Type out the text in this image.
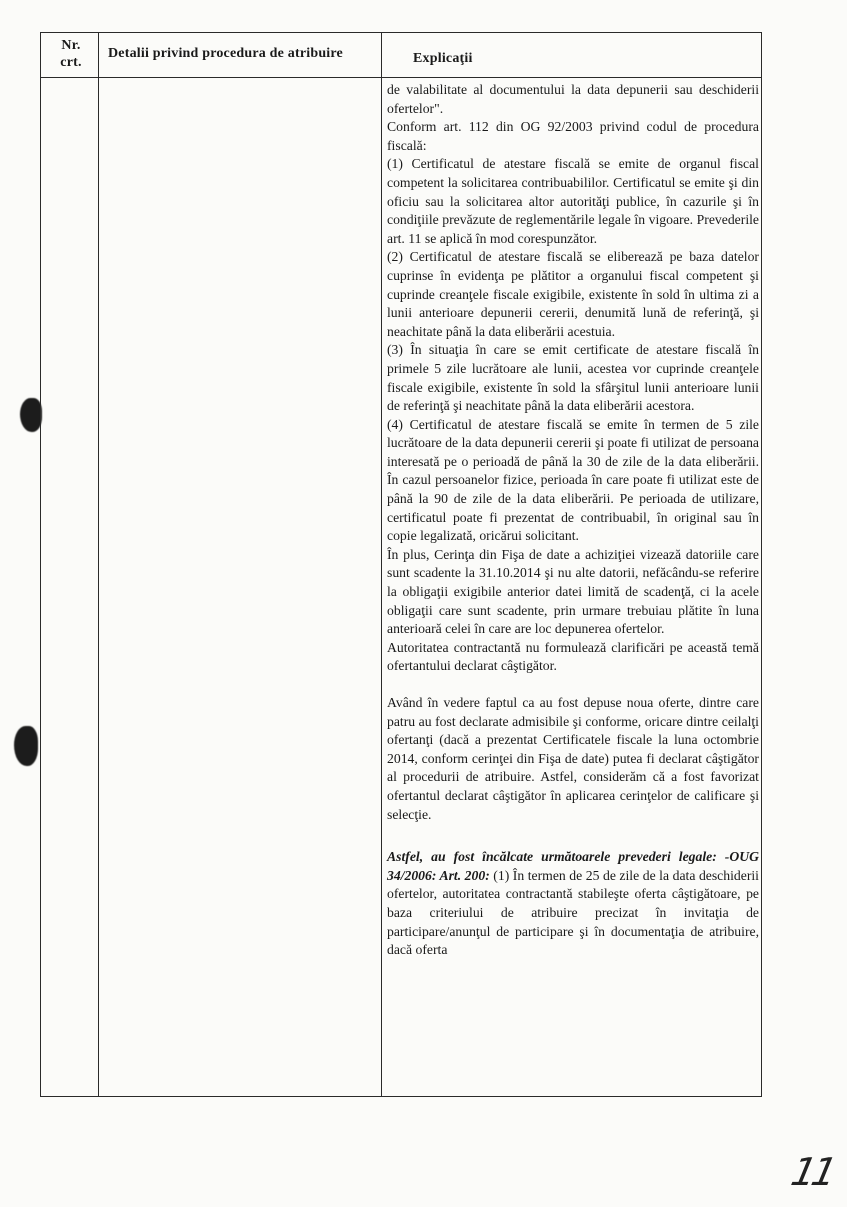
Nr.
crt.
Detalii privind procedura de atribuire	Explicaţii

de valabilitate al documentului la data depunerii sau deschiderii ofertelor".

Conform art. 112 din OG 92/2003 privind codul de procedura fiscală:

(1) Certificatul de atestare fiscală se emite de organul fiscal competent la solicitarea contribuabililor. Certificatul se emite şi din oficiu sau la solicitarea altor autorităţi publice, în cazurile şi în condiţiile prevăzute de reglementările legale în vigoare. Prevederile art. 11 se aplică în mod corespunzător.

(2) Certificatul de atestare fiscală se eliberează pe baza datelor cuprinse în evidenţa pe plătitor a organului fiscal competent şi cuprinde creanţele fiscale exigibile, existente în sold în ultima zi a lunii anterioare depunerii cererii, denumită lună de referinţă, şi neachitate până la data eliberării acestuia.

(3) În situaţia în care se emit certificate de atestare fiscală în primele 5 zile lucrătoare ale lunii, acestea vor cuprinde creanţele fiscale exigibile, existente în sold la sfârşitul lunii anterioare lunii de referinţă şi neachitate până la data eliberării acestora.

(4) Certificatul de atestare fiscală se emite în termen de 5 zile lucrătoare de la data depunerii cererii şi poate fi utilizat de persoana interesată pe o perioadă de până la 30 de zile de la data eliberării. În cazul persoanelor fizice, perioada în care poate fi utilizat este de până la 90 de zile de la data eliberării. Pe perioada de utilizare, certificatul poate fi prezentat de contribuabil, în original sau în copie legalizată, oricărui solicitant.

În plus, Cerinţa din Fişa de date a achiziţiei vizează datoriile care sunt scadente la 31.10.2014 şi nu alte datorii, nefăcându-se referire la obligaţii exigibile anterior datei limită de scadenţă, ci la acele obligaţii care sunt scadente, prin urmare trebuiau plătite în luna anterioară celei în care are loc depunerea ofertelor.

Autoritatea contractantă nu formulează clarificări pe această temă ofertantului declarat câştigător.

Având în vedere faptul ca au fost depuse noua oferte, dintre care patru au fost declarate admisibile şi conforme, oricare dintre ceilalţi ofertanţi (dacă a prezentat Certificatele fiscale la luna octombrie 2014, conform cerinţei din Fişa de date) putea fi declarat câştigător al procedurii de atribuire. Astfel, considerăm că a fost favorizat ofertantul declarat câştigător în aplicarea cerinţelor de calificare şi selecţie.

Astfel, au fost încălcate următoarele prevederi legale: -OUG 34/2006: Art. 200: (1) În termen de 25 de zile de la data deschiderii ofertelor, autoritatea contractantă stabileşte oferta câştigătoare, pe baza criteriului de atribuire precizat în invitaţia de participare/anunţul de participare şi în documentaţia de atribuire, dacă oferta

11
